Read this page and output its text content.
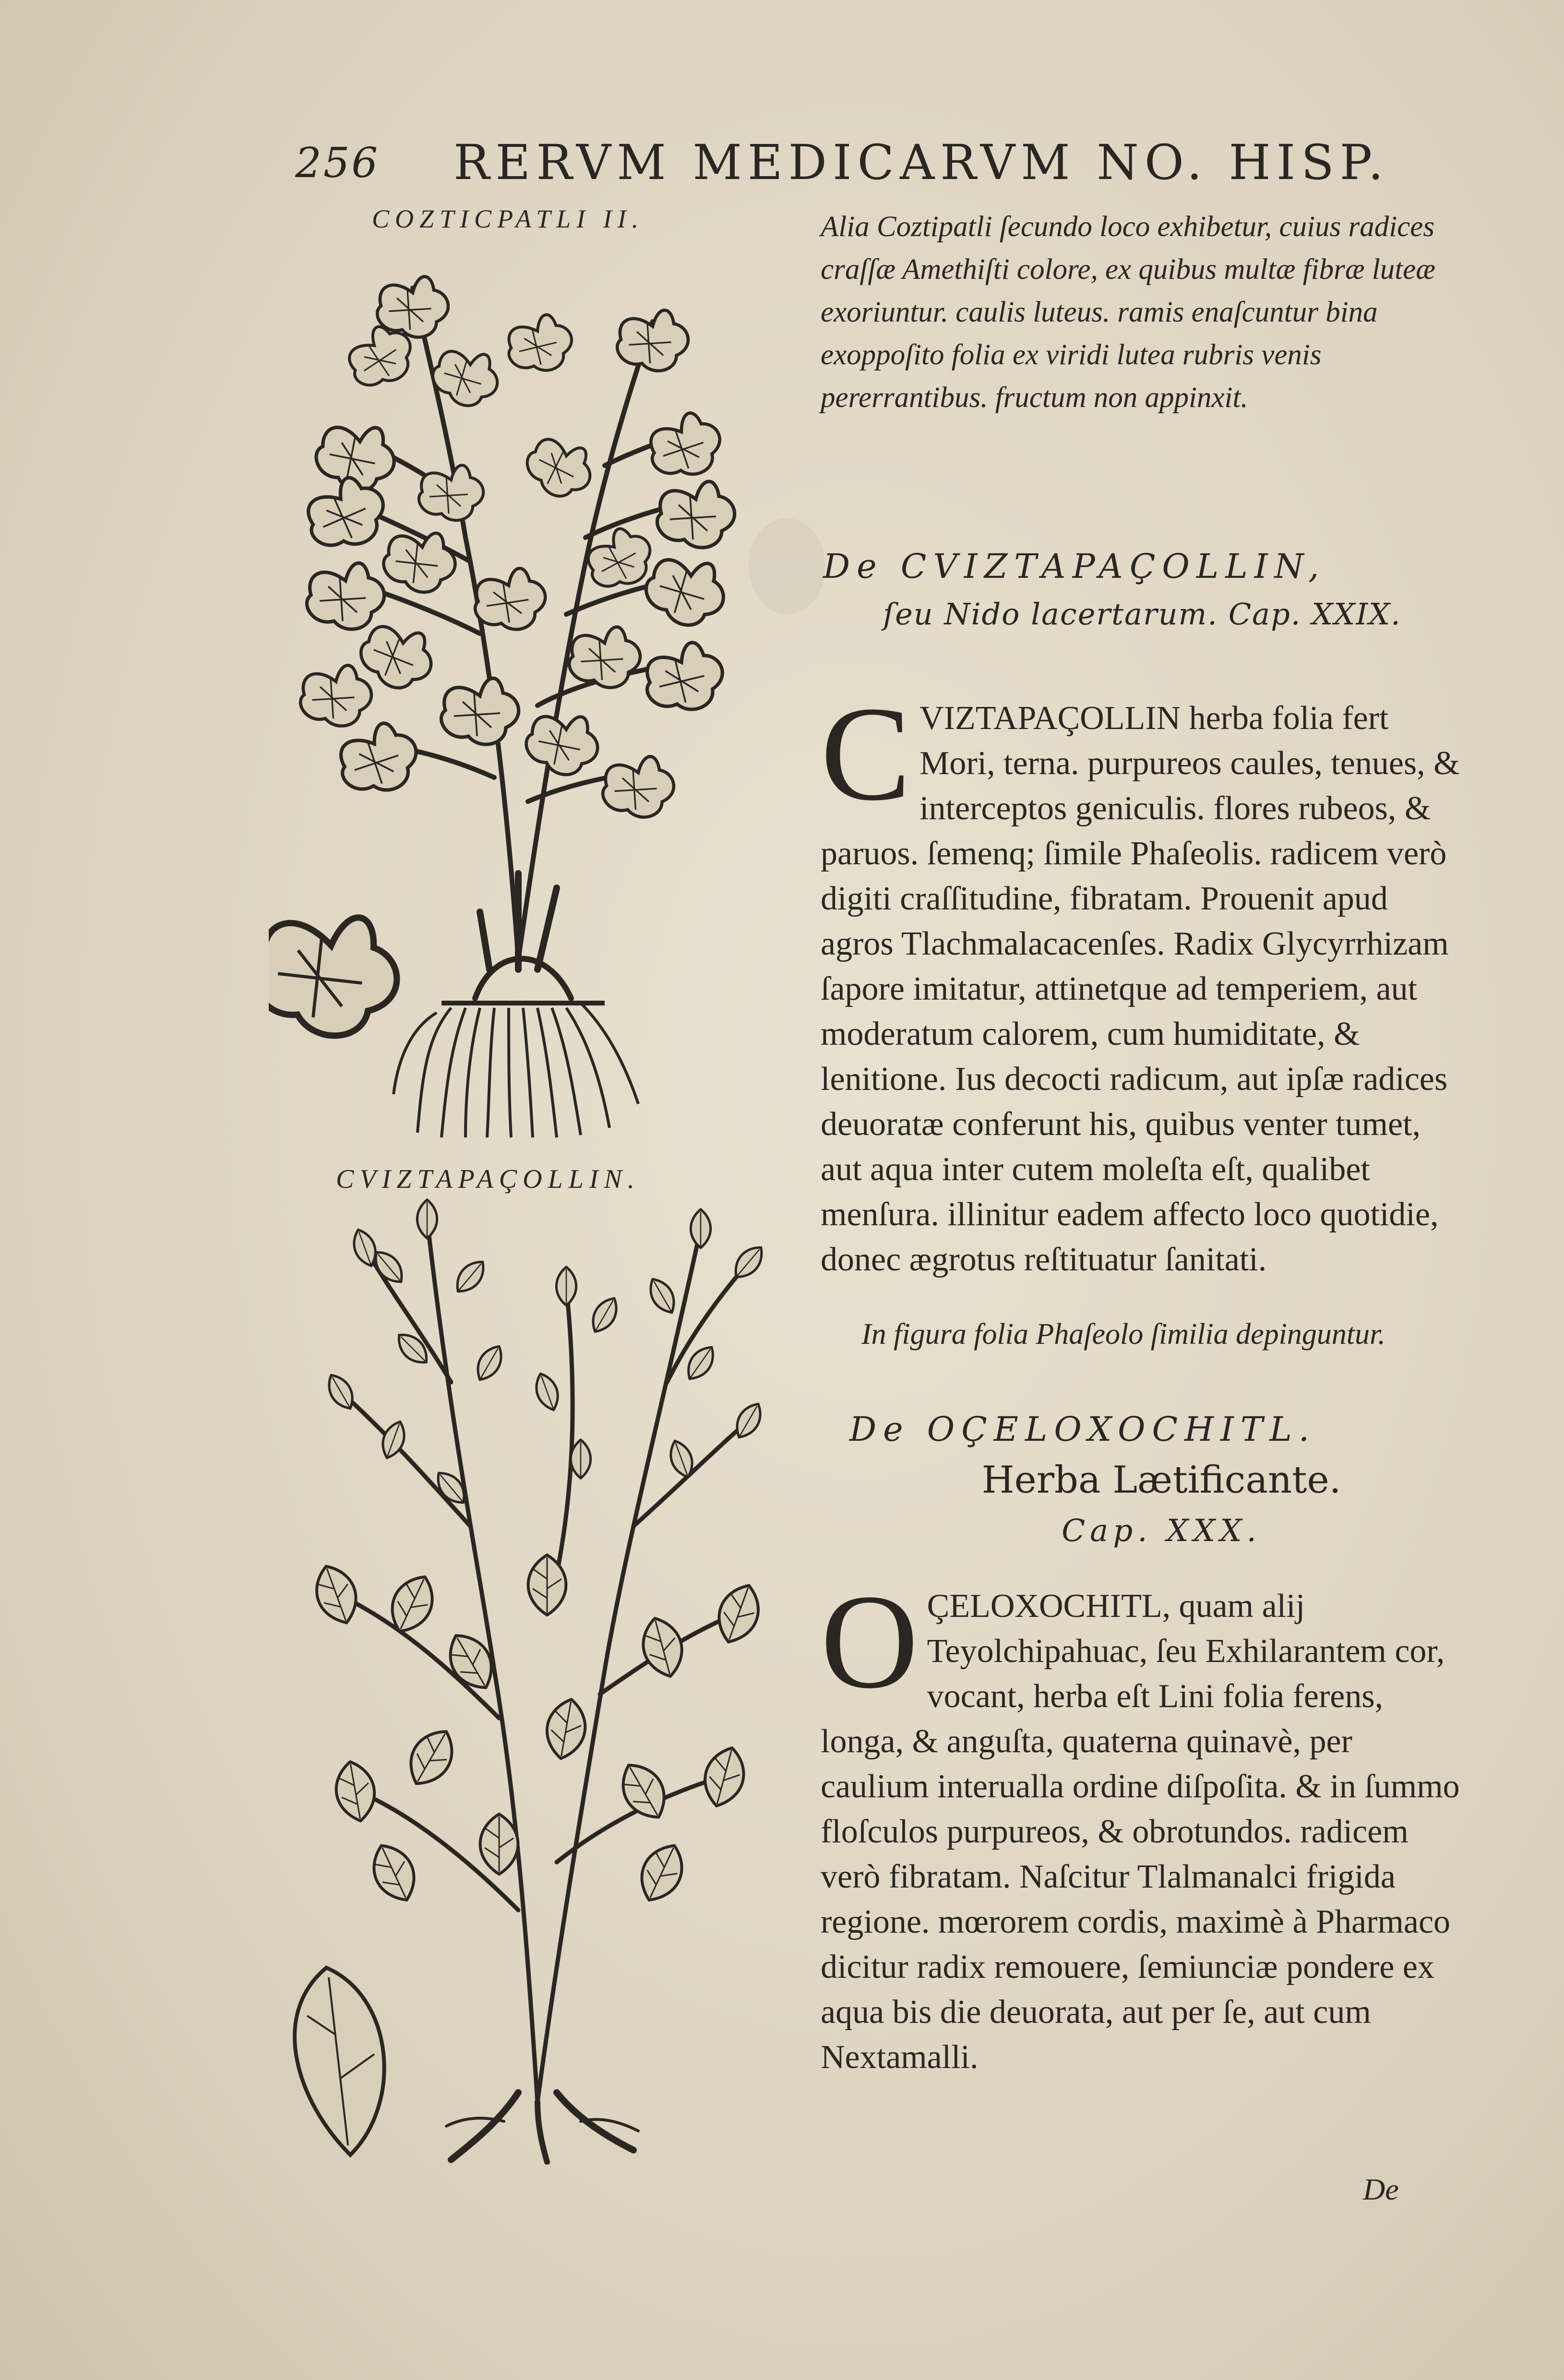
256 RERVM MEDICARVM NO. HISP.
COZTICPATLI II.
CVIZTAPAÇOLLIN.
Alia Coztipatli ſecundo loco exhibetur, cuius radices craſſæ Amethiſti colore, ex quibus multæ fibræ luteæ exoriuntur. caulis luteus. ramis enaſcuntur bina exoppoſito folia ex viridi lutea rubris venis pererrantibus. fructum non appinxit.
De CVIZTAPAÇOLLIN,
ſeu Nido lacertarum. Cap. XXIX.
C VIZTAPAÇOLLIN herba folia fert Mori, terna. purpureos caules, tenues, & interceptos geniculis. flores rubeos, & paruos. ſemenq; ſimile Phaſeolis. radicem verò digiti craſſitudine, fibratam. Prouenit apud agros Tlachmalacacenſes. Radix Glycyrrhizam ſapore imitatur, attinetque ad temperiem, aut moderatum calorem, cum humiditate, & lenitione. Ius decocti radicum, aut ipſæ radices deuoratæ conferunt his, quibus venter tumet, aut aqua inter cutem moleſta eſt, qualibet menſura. illinitur eadem affecto loco quotidie, donec ægrotus reſtituatur ſanitati.
In figura folia Phaſeolo ſimilia depinguntur.
De OÇELOXOCHITL.
Herba Lætificante.
Cap. XXX.
O ÇELOXOCHITL, quam alij Teyolchipahuac, ſeu Exhilarantem cor, vocant, herba eſt Lini folia ferens, longa, & anguſta, quaterna quinavè, per caulium interualla ordine diſpoſita. & in ſummo floſculos purpureos, & obrotundos. radicem verò fibratam. Naſcitur Tlalmanalci frigida regione. mœrorem cordis, maximè à Pharmaco dicitur radix remouere, ſemiunciæ pondere ex aqua bis die deuorata, aut per ſe, aut cum Nextamalli.
De
